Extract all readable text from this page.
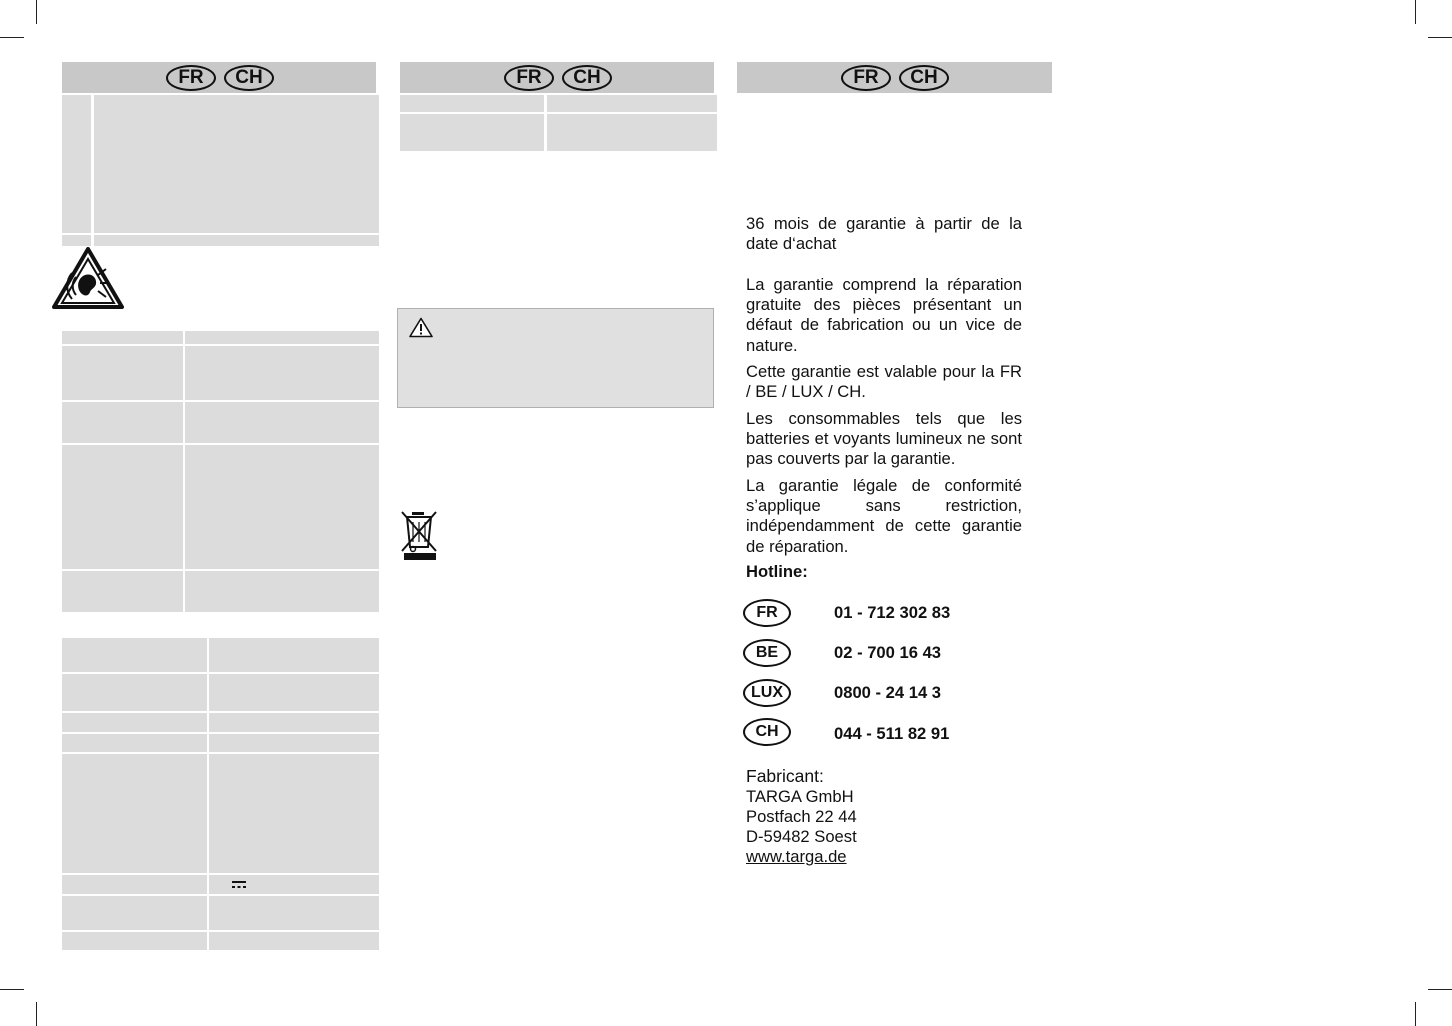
FR	CH	FR	CH	FR	CH

36 mois de garantie à partir de la date d‘achat

La garantie comprend la réparation gratuite des pièces présentant un défaut de fabrication ou un vice de nature.

Cette garantie est valable pour la FR / BE / LUX / CH.

Les consommables tels que les batteries et voyants lumineux ne sont pas couverts par la garantie.

La garantie légale de conformité s’applique sans restriction, indépendamment de cette garantie de réparation.

Hotline:
FR	01 - 712 302 83
BE	02 - 700 16 43
LUX	0800 - 24 14 3
CH	044 - 511 82 91
Fabricant:
TARGA GmbH
Postfach 22 44
D-59482 Soest
www.targa.de
